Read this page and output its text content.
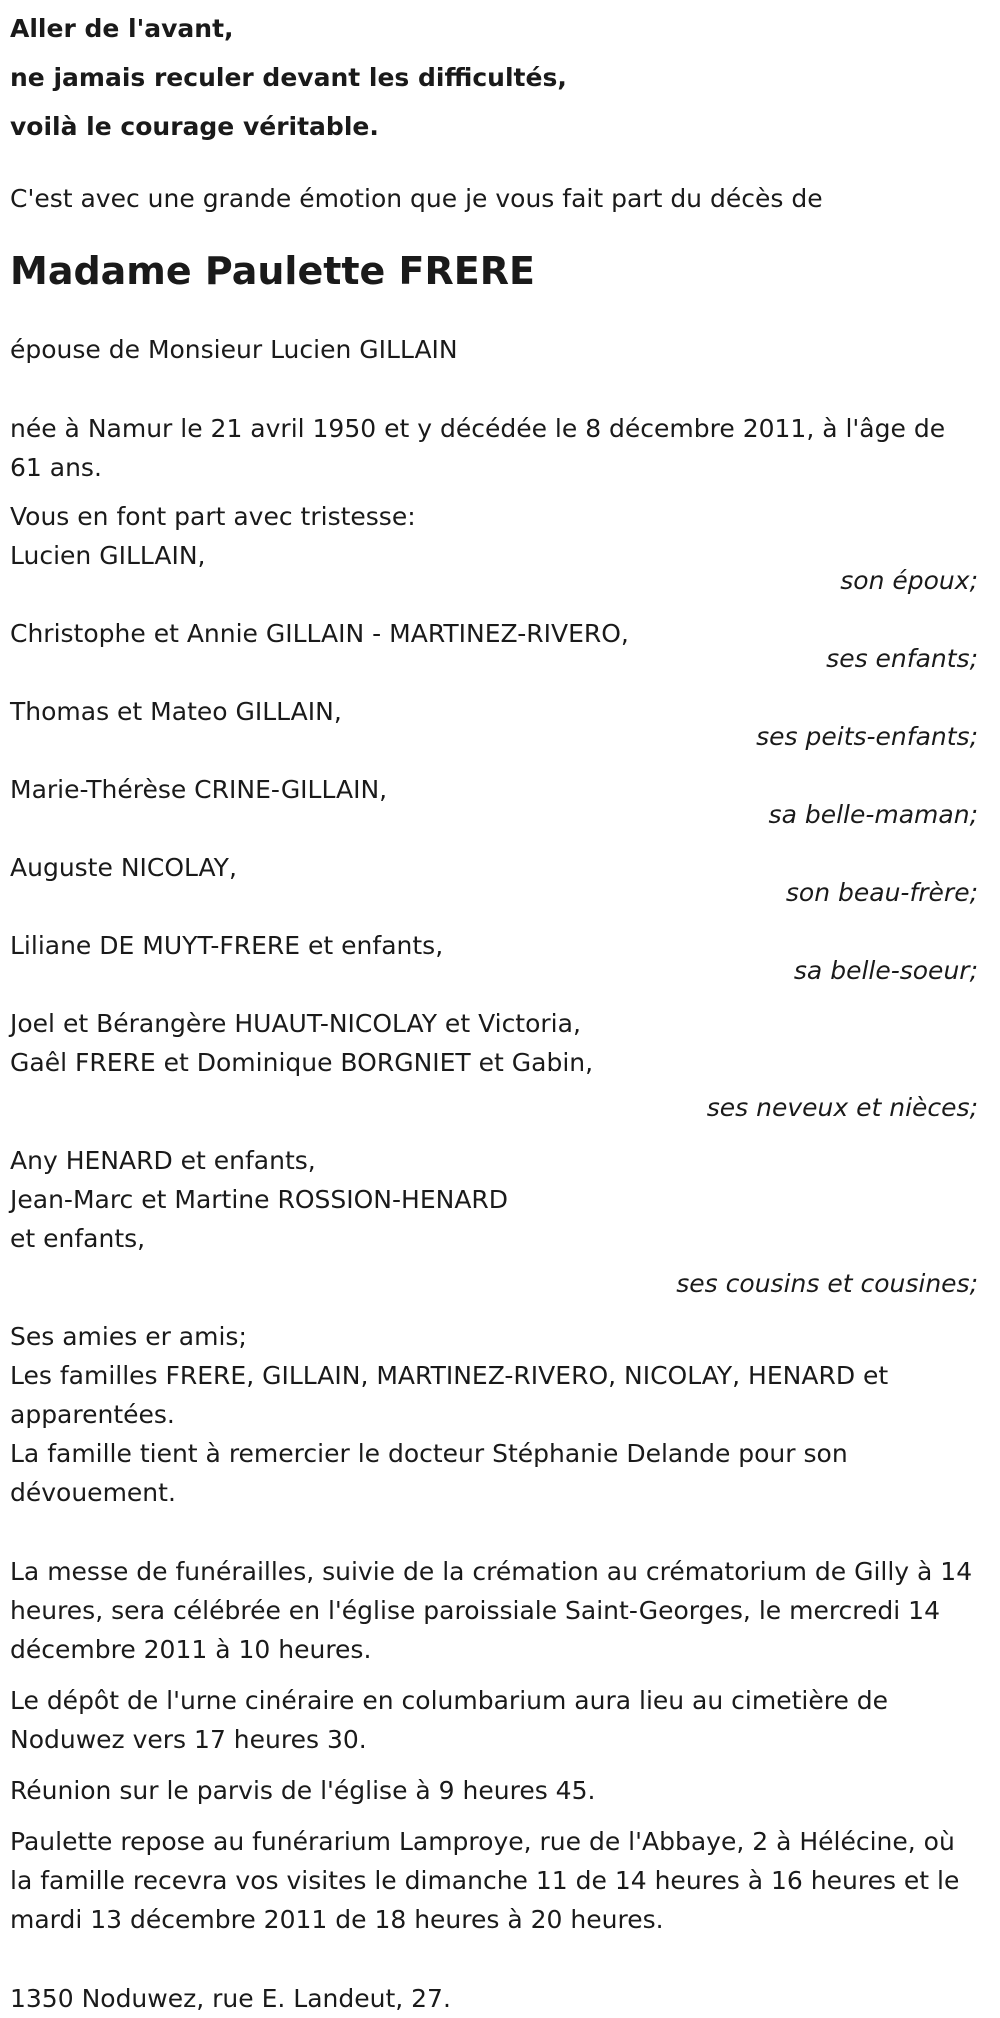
Aller de l'avant,

ne jamais reculer devant les difficultés,

voilà le courage véritable.

C'est avec une grande émotion que je vous fait part du décès de

Madame Paulette FRERE

épouse de Monsieur Lucien GILLAIN

née à Namur le 21 avril 1950 et y décédée le 8 décembre 2011, à l'âge de 61 ans.

Vous en font part avec tristesse:

Lucien GILLAIN,
son époux;
Christophe et Annie GILLAIN - MARTINEZ-RIVERO,
ses enfants;
Thomas et Mateo GILLAIN,
ses peits-enfants;
Marie-Thérèse CRINE-GILLAIN,
sa belle-maman;
Auguste NICOLAY,
son beau-frère;
Liliane DE MUYT-FRERE et enfants,
sa belle-soeur;
Joel et Bérangère HUAUT-NICOLAY et Victoria,
Gaêl FRERE et Dominique BORGNIET et Gabin,
ses neveux et nièces;
Any HENARD et enfants,
Jean-Marc et Martine ROSSION-HENARD
et enfants,
ses cousins et cousines;

Ses amies er amis;

Les familles FRERE, GILLAIN, MARTINEZ-RIVERO, NICOLAY, HENARD et apparentées.

La famille tient à remercier le docteur Stéphanie Delande pour son dévouement.

La messe de funérailles, suivie de la crémation au crématorium de Gilly à 14 heures, sera célébrée en l'église paroissiale Saint-Georges, le mercredi 14 décembre 2011 à 10 heures.

Le dépôt de l'urne cinéraire en columbarium aura lieu au cimetière de Noduwez vers 17 heures 30.

Réunion sur le parvis de l'église à 9 heures 45.

Paulette repose au funérarium Lamproye, rue de l'Abbaye, 2 à Hélécine, où la famille recevra vos visites le dimanche 11 de 14 heures à 16 heures et le mardi 13 décembre 2011 de 18 heures à 20 heures.

1350 Noduwez, rue E. Landeut, 27.
